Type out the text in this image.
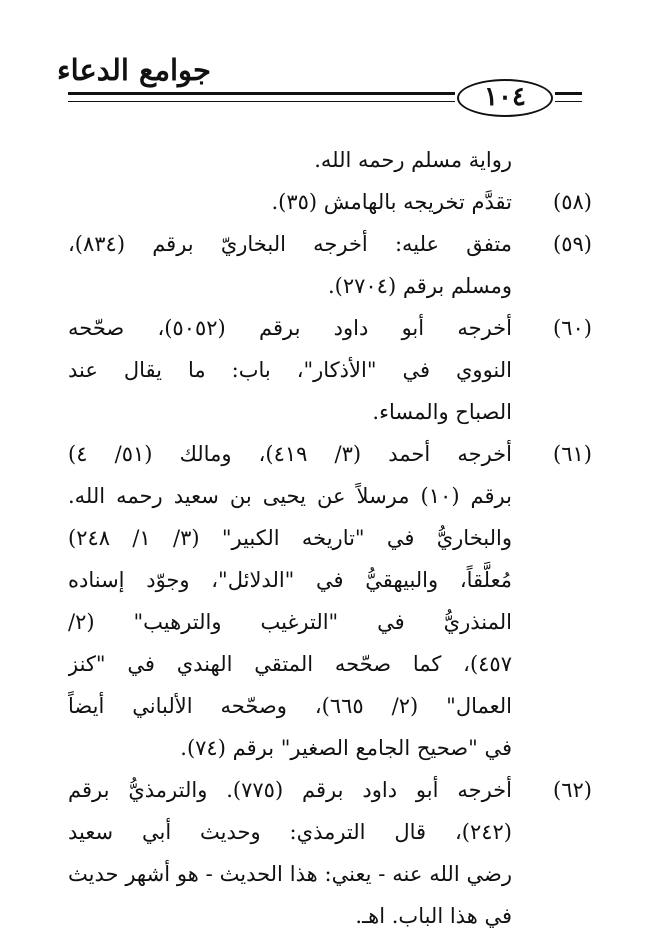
جوامع الدعاء
١٠٤
رواية مسلم رحمه الله.
(٥٨)
تقدَّم تخريجه بالهامش (٣٥).
(٥٩)
متفق عليه: أخرجه البخاريّ برقم (٨٣٤)،
ومسلم برقم (٢٧٠٤).
(٦٠)
أخرجه أبو داود برقم (٥٠٥٢)، صحّحه
النووي في "الأذكار"، باب: ما يقال عند
الصباح والمساء.
(٦١)
أخرجه أحمد (٣/ ٤١٩)، ومالك (٥١/ ٤)
برقم (١٠) مرسلاً عن يحيى بن سعيد رحمه الله.
والبخاريُّ في "تاريخه الكبير" (٣/ ١/ ٢٤٨)
مُعلَّقاً، والبيهقيُّ في "الدلائل"، وجوّد إسناده
المنذريُّ في "الترغيب والترهيب" (٢/
٤٥٧)، كما صحّحه المتقي الهندي في "كنز
العمال" (٢/ ٦٦٥)، وصحّحه الألباني أيضاً
في "صحيح الجامع الصغير" برقم (٧٤).
(٦٢)
أخرجه أبو داود برقم (٧٧٥). والترمذيُّ برقم
(٢٤٢)، قال الترمذي: وحديث أبي سعيد
رضي الله عنه - يعني: هذا الحديث - هو أشهر حديث
في هذا الباب. اهـ.
